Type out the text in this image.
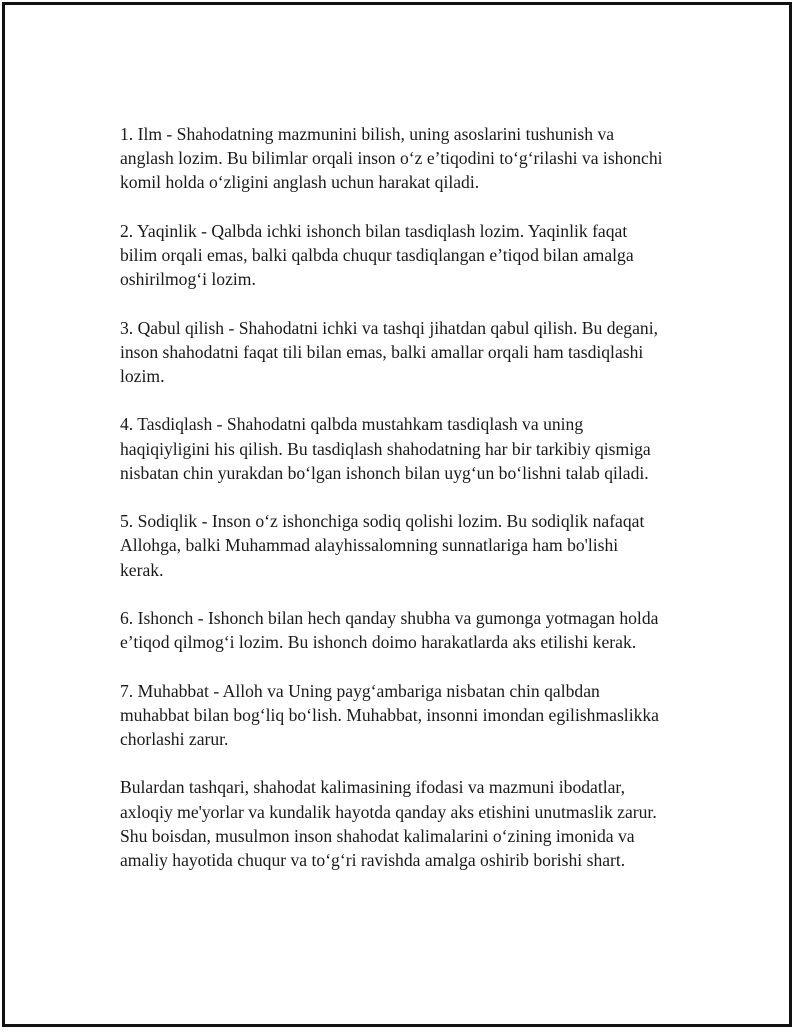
1. Ilm - Shahodatning mazmunini bilish, uning asoslarini tushunish va
anglash lozim. Bu bilimlar orqali inson o‘z e’tiqodini to‘g‘rilashi va ishonchi
komil holda o‘zligini anglash uchun harakat qiladi.

2. Yaqinlik - Qalbda ichki ishonch bilan tasdiqlash lozim. Yaqinlik faqat
bilim orqali emas, balki qalbda chuqur tasdiqlangan e’tiqod bilan amalga
oshirilmog‘i lozim.

3. Qabul qilish - Shahodatni ichki va tashqi jihatdan qabul qilish. Bu degani,
inson shahodatni faqat tili bilan emas, balki amallar orqali ham tasdiqlashi
lozim.

4. Tasdiqlash - Shahodatni qalbda mustahkam tasdiqlash va uning
haqiqiyligini his qilish. Bu tasdiqlash shahodatning har bir tarkibiy qismiga
nisbatan chin yurakdan bo‘lgan ishonch bilan uyg‘un bo‘lishni talab qiladi.

5. Sodiqlik - Inson o‘z ishonchiga sodiq qolishi lozim. Bu sodiqlik nafaqat
Allohga, balki Muhammad alayhissalomning sunnatlariga ham bo'lishi
kerak.

6. Ishonch - Ishonch bilan hech qanday shubha va gumonga yotmagan holda
e’tiqod qilmog‘i lozim. Bu ishonch doimo harakatlarda aks etilishi kerak.

7. Muhabbat - Alloh va Uning payg‘ambariga nisbatan chin qalbdan
muhabbat bilan bog‘liq bo‘lish. Muhabbat, insonni imondan egilishmaslikka
chorlashi zarur.

Bulardan tashqari, shahodat kalimasining ifodasi va mazmuni ibodatlar,
axloqiy me'yorlar va kundalik hayotda qanday aks etishini unutmaslik zarur.
Shu boisdan, musulmon inson shahodat kalimalarini o‘zining imonida va
amaliy hayotida chuqur va to‘g‘ri ravishda amalga oshirib borishi shart.
